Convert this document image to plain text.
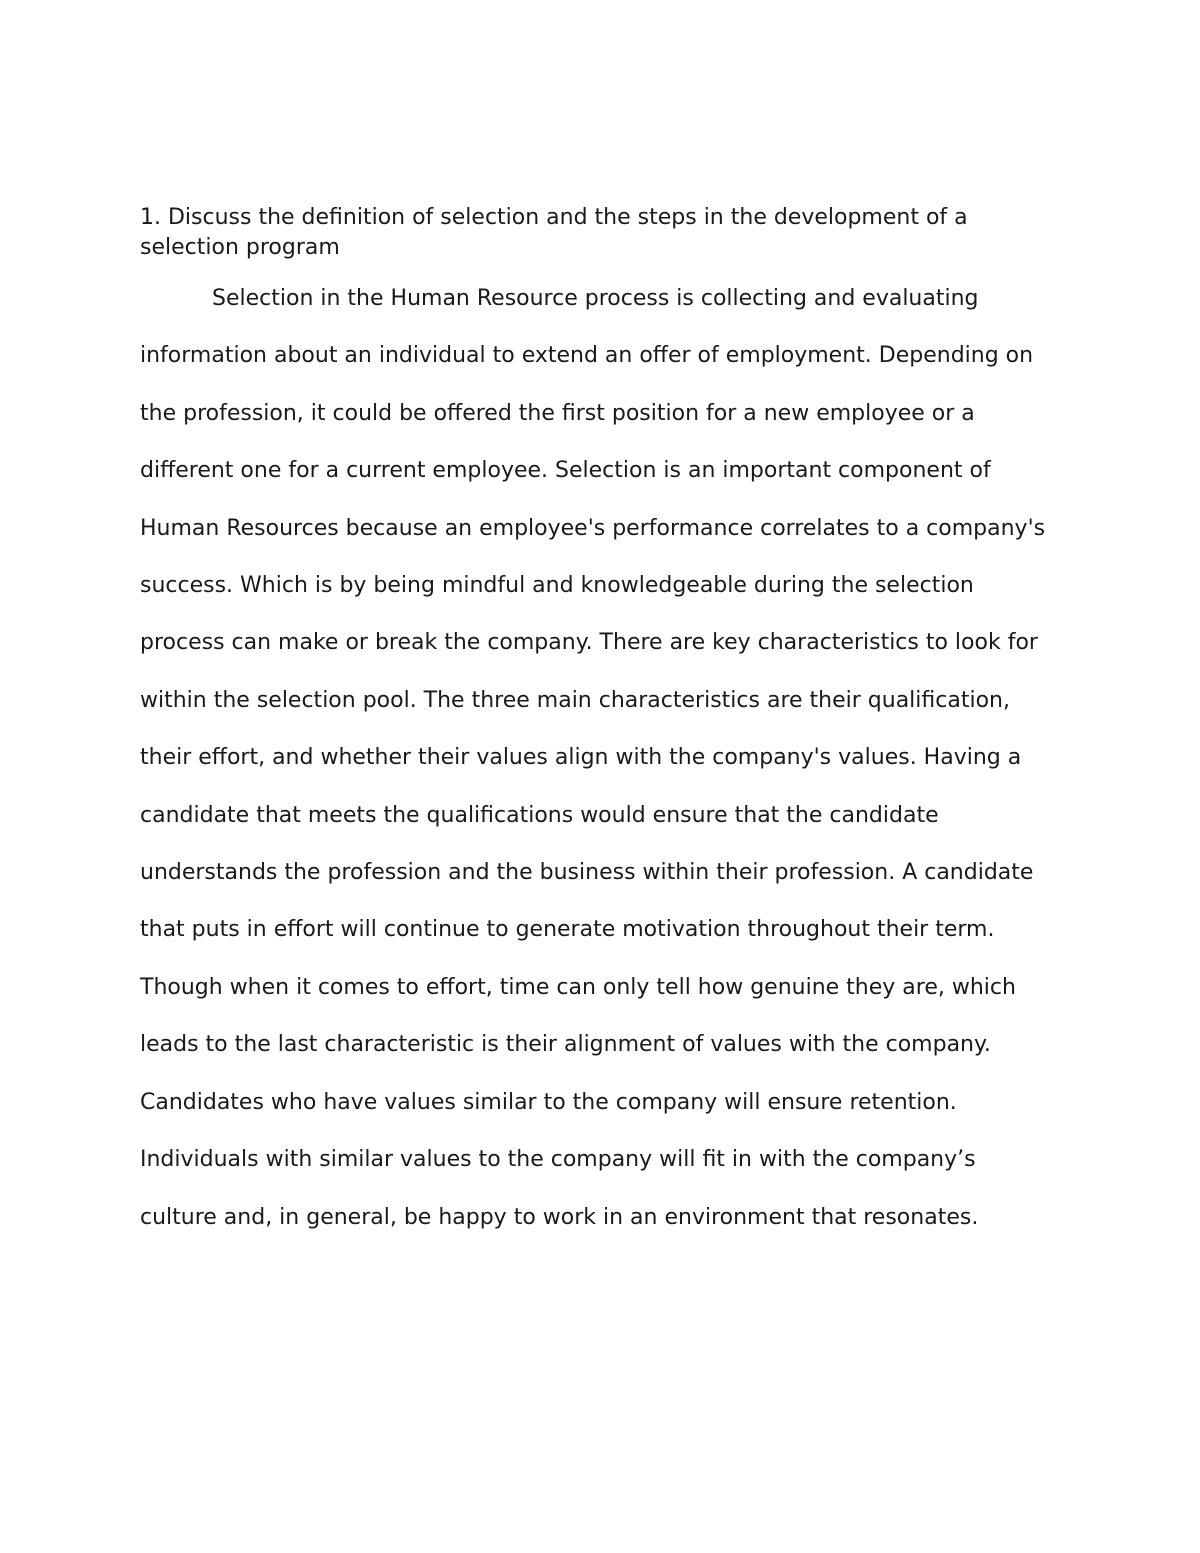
1. Discuss the definition of selection and the steps in the development of a selection program

Selection in the Human Resource process is collecting and evaluating information about an individual to extend an offer of employment. Depending on the profession, it could be offered the first position for a new employee or a different one for a current employee. Selection is an important component of Human Resources because an employee's performance correlates to a company's success. Which is by being mindful and knowledgeable during the selection process can make or break the company. There are key characteristics to look for within the selection pool. The three main characteristics are their qualification, their effort, and whether their values align with the company's values. Having a candidate that meets the qualifications would ensure that the candidate understands the profession and the business within their profession. A candidate that puts in effort will continue to generate motivation throughout their term. Though when it comes to effort, time can only tell how genuine they are, which leads to the last characteristic is their alignment of values with the company. Candidates who have values similar to the company will ensure retention. Individuals with similar values to the company will fit in with the company’s culture and, in general, be happy to work in an environment that resonates.
